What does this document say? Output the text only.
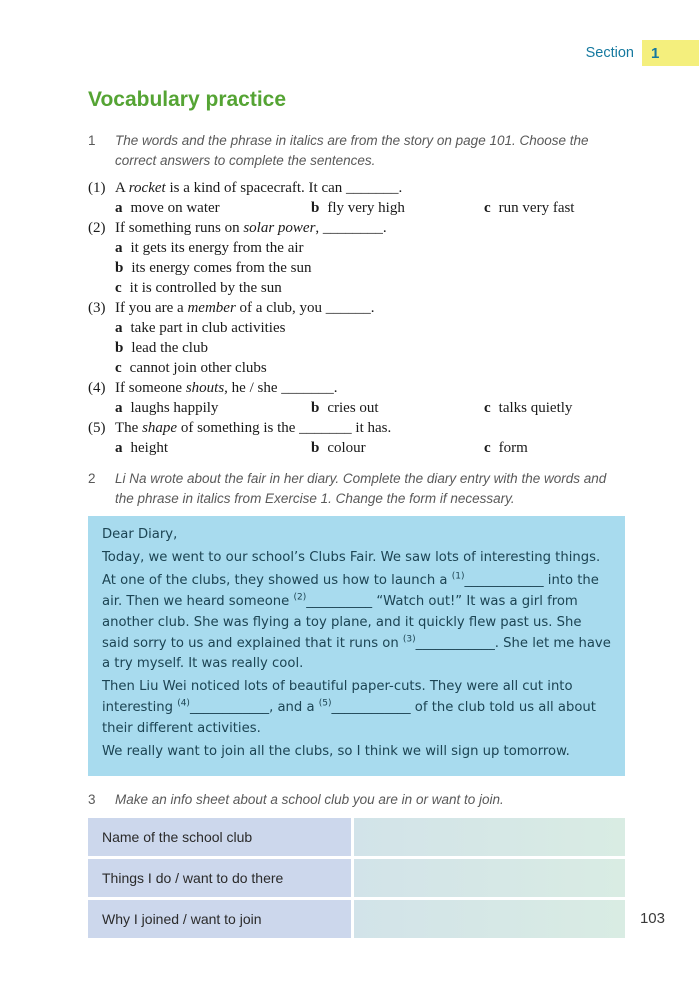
Section	1
Vocabulary practice
1	The words and the phrase in italics are from the story on page 101. Choose the correct answers to complete the sentences.
(1) A rocket is a kind of spacecraft. It can _______.
a move on water	b fly very high	c run very fast
(2) If something runs on solar power, ________.
a it gets its energy from the air
b its energy comes from the sun
c it is controlled by the sun
(3) If you are a member of a club, you ______.
a take part in club activities
b lead the club
c cannot join other clubs
(4) If someone shouts, he / she _______.
a laughs happily	b cries out	c talks quietly
(5) The shape of something is the _______ it has.
a height	b colour	c form
2	Li Na wrote about the fair in her diary. Complete the diary entry with the words and the phrase in italics from Exercise 1. Change the form if necessary.

Dear Diary,

Today, we went to our school’s Clubs Fair. We saw lots of interesting things.

At one of the clubs, they showed us how to launch a $^{(1)}$____________ into the air. Then we heard someone $^{(2)}$__________ “Watch out!” It was a girl from another club. She was flying a toy plane, and it quickly flew past us. She said sorry to us and explained that it runs on $^{(3)}$____________. She let me have a try myself. It was really cool.

Then Liu Wei noticed lots of beautiful paper-cuts. They were all cut into interesting $^{(4)}$____________, and a $^{(5)}$____________ of the club told us all about their different activities.

We really want to join all the clubs, so I think we will sign up tomorrow.

3	Make an info sheet about a school club you are in or want to join.
Name of the school club
Things I do / want to do there
Why I joined / want to join	103
